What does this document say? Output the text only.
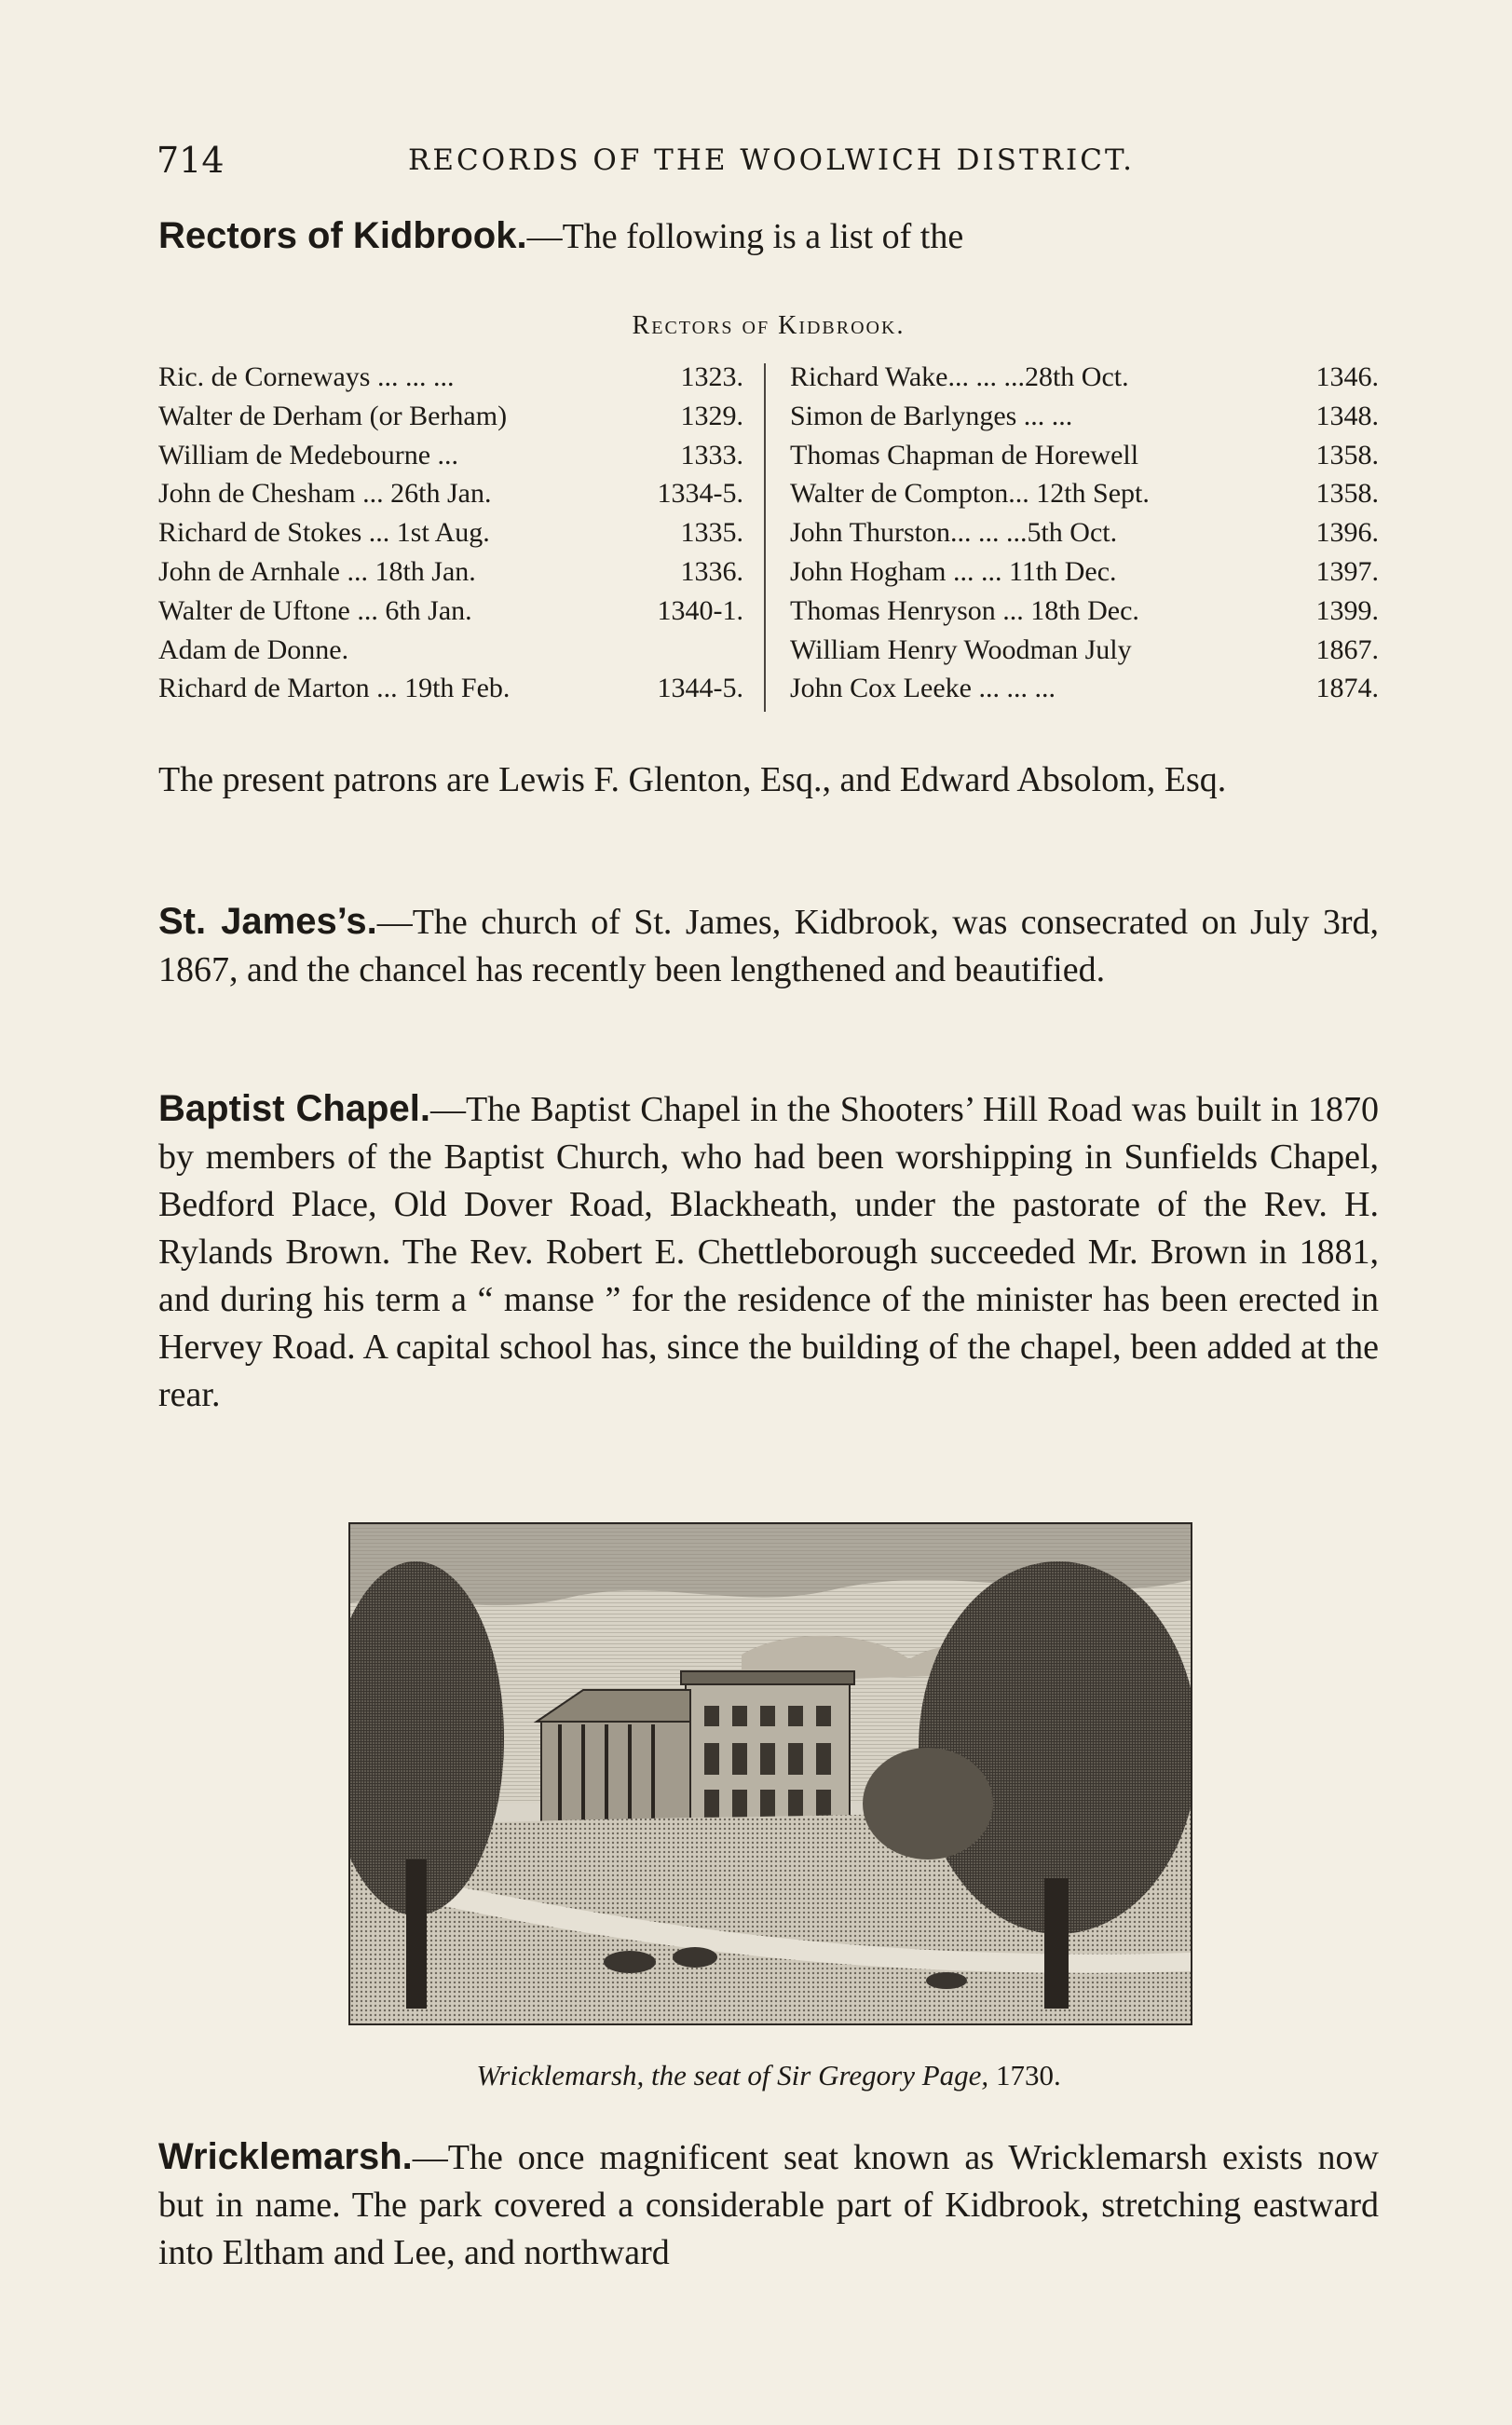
714	RECORDS OF THE WOOLWICH DISTRICT.

Rectors of Kidbrook.—The following is a list of the

Rectors of Kidbrook.
Ric. de Corneways ... ... ...	1323.
Walter de Derham (or Berham)	1329.
William de Medebourne ...	1333.
John de Chesham ... 26th Jan.	1334-5.
Richard de Stokes ... 1st Aug.	1335.
John de Arnhale ... 18th Jan.	1336.
Walter de Uftone ... 6th Jan.	1340-1.
Adam de Donne.
Richard de Marton ... 19th Feb.	1344-5.
Richard Wake... ... ...28th Oct.	1346.
Simon de Barlynges ... ...	1348.
Thomas Chapman de Horewell	1358.
Walter de Compton... 12th Sept.	1358.
John Thurston... ... ...5th Oct.	1396.
John Hogham ... ... 11th Dec.	1397.
Thomas Henryson ... 18th Dec.	1399.
William Henry Woodman July	1867.
John Cox Leeke ... ... ...	1874.

The present patrons are Lewis F. Glenton, Esq., and Edward Absolom, Esq.

St. James’s.—The church of St. James, Kidbrook, was consecrated on July 3rd, 1867, and the chancel has recently been lengthened and beautified.

Baptist Chapel.—The Baptist Chapel in the Shooters’ Hill Road was built in 1870 by members of the Baptist Church, who had been worshipping in Sunfields Chapel, Bedford Place, Old Dover Road, Blackheath, under the pastorate of the Rev. H. Rylands Brown. The Rev. Robert E. Chettleborough succeeded Mr. Brown in 1881, and during his term a “ manse ” for the residence of the minister has been erected in Hervey Road. A capital school has, since the building of the chapel, been added at the rear.

Wricklemarsh, the seat of Sir Gregory Page, 1730.

Wricklemarsh.—The once magnificent seat known as Wricklemarsh exists now but in name. The park covered a considerable part of Kidbrook, stretching eastward into Eltham and Lee, and northward
